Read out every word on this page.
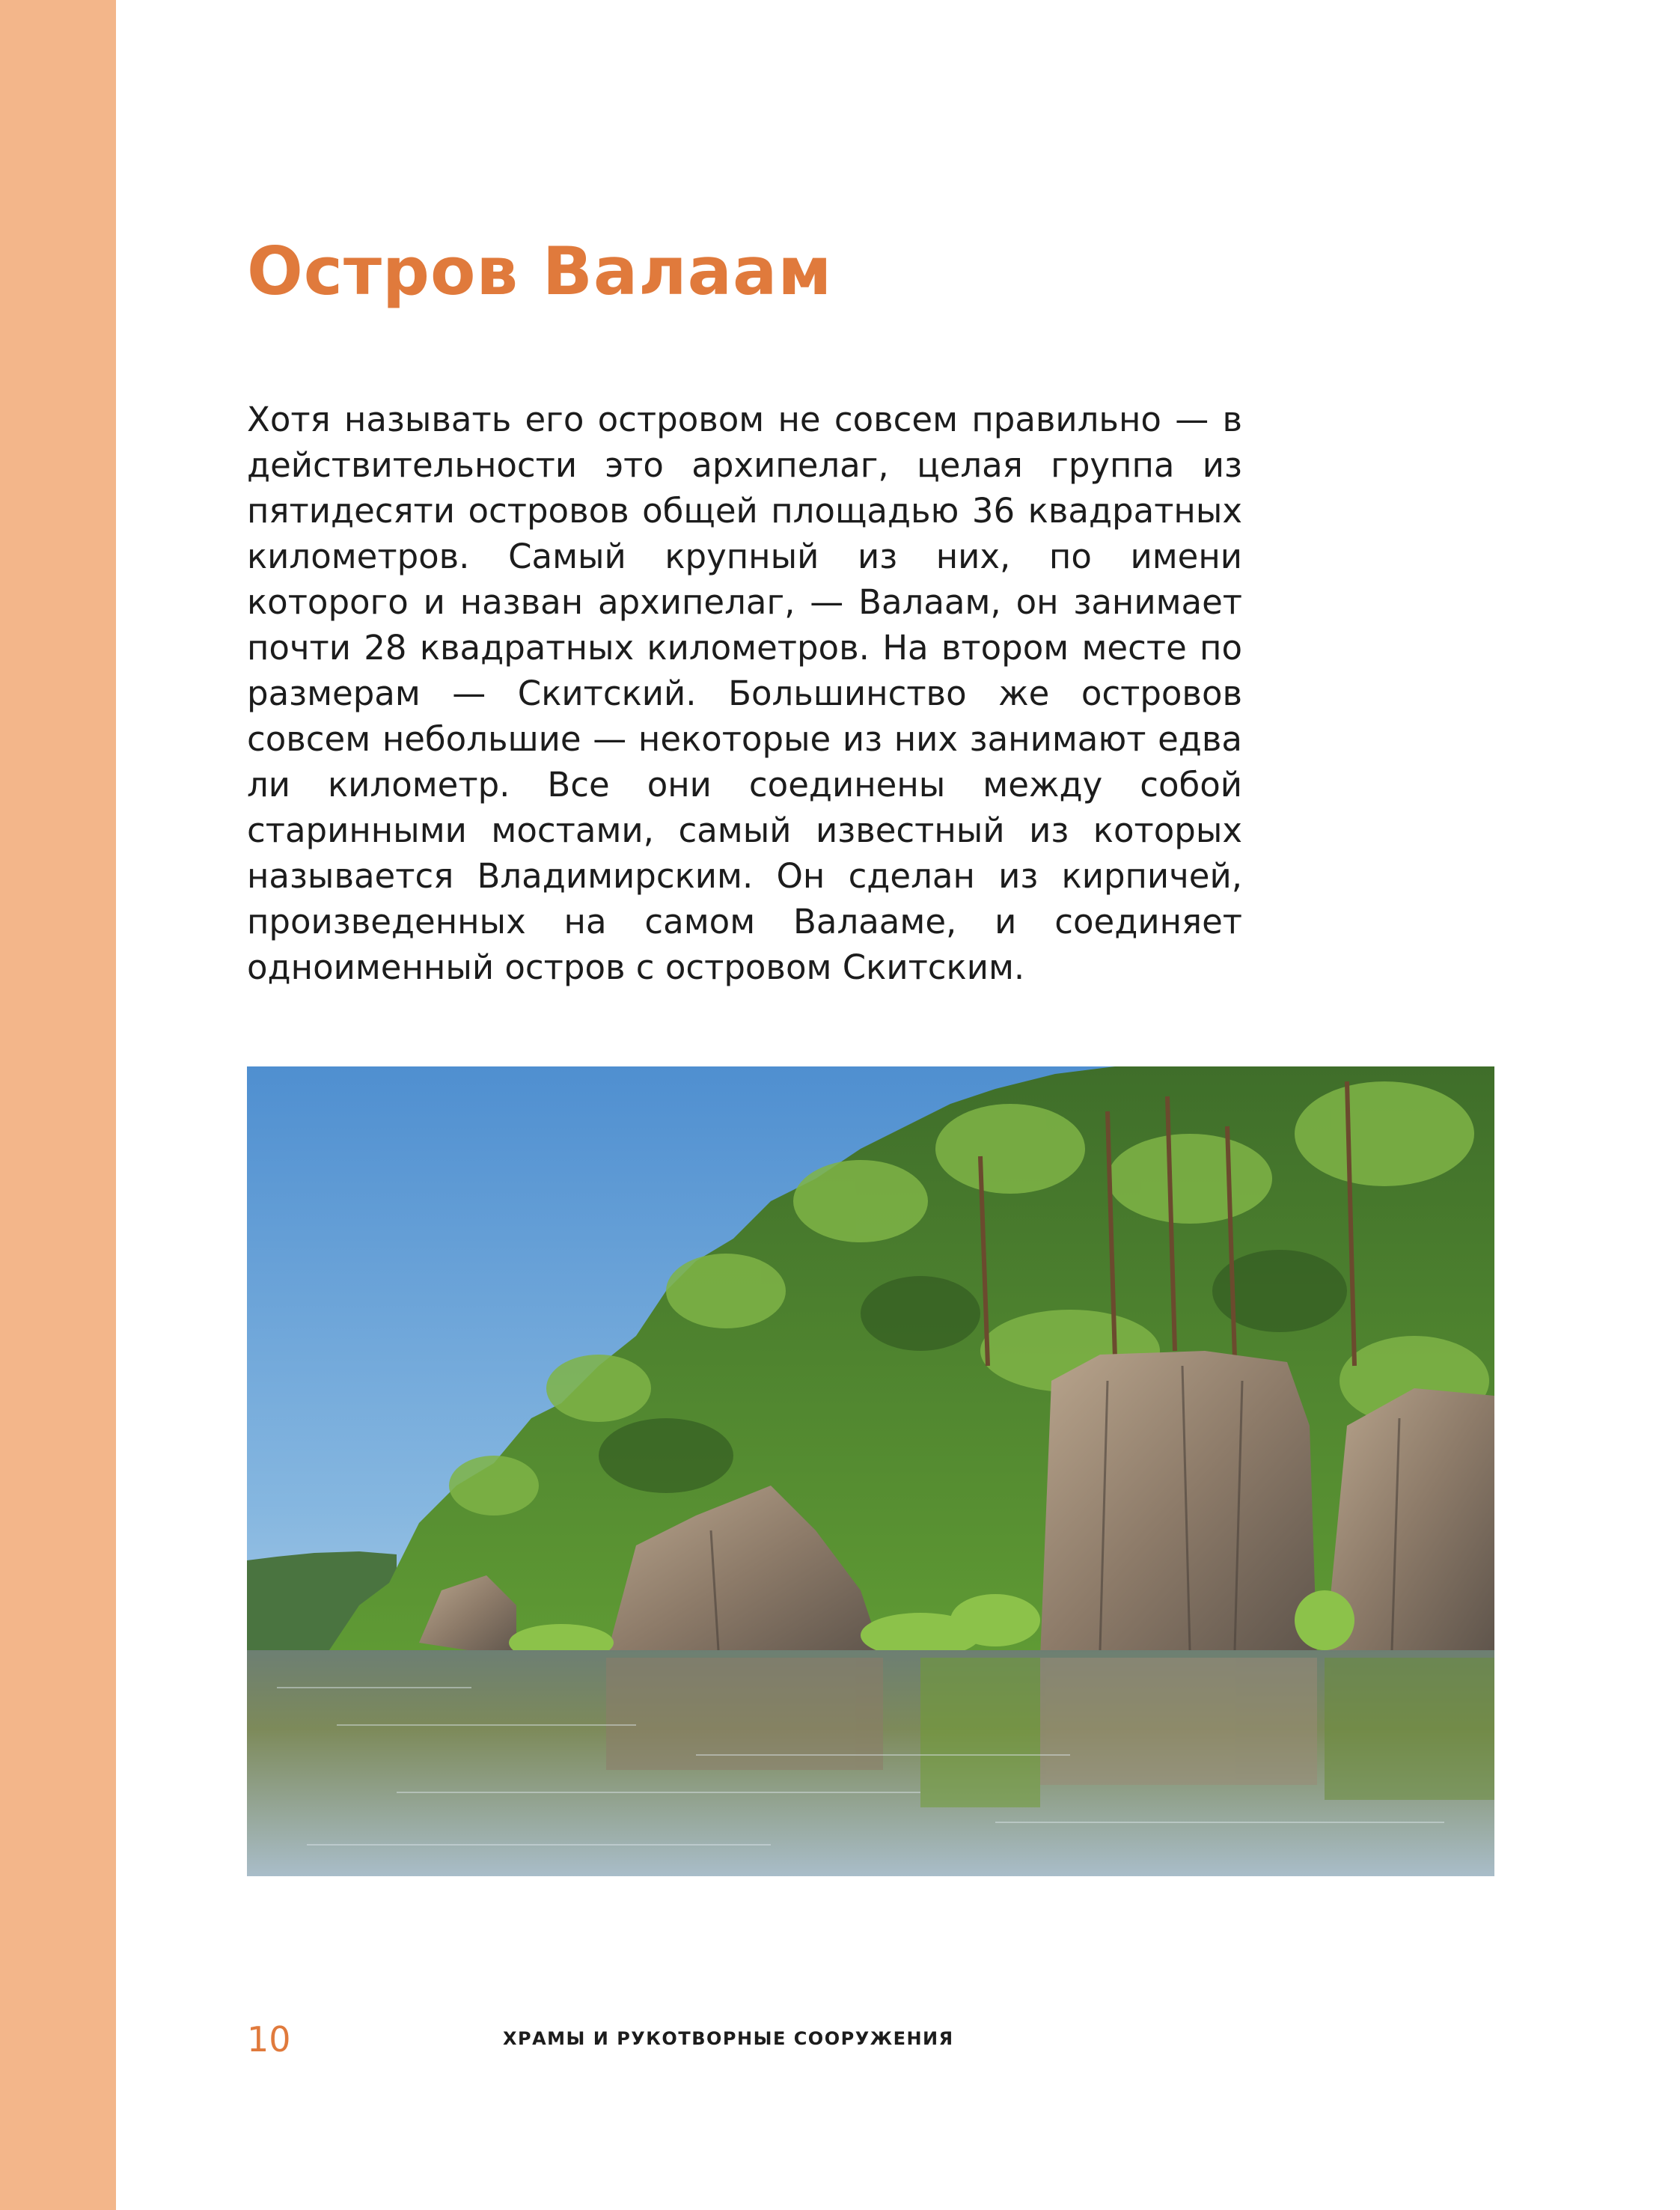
Остров Валаам

Хотя называть его островом не совсем правильно — в действительности это архипелаг, целая группа из пятидесяти островов общей площадью 36 квадратных километров. Самый крупный из них, по имени которого и назван архипелаг, — Валаам, он занимает почти 28 квадратных километров. На втором месте по размерам — Скитский. Большинство же островов совсем небольшие — некоторые из них занимают едва ли километр. Все они соединены между собой старинными мостами, самый известный из которых называется Владимирским. Он сделан из кирпичей, произведенных на самом Валааме, и соединяет одноименный остров с островом Скитским.

10	ХРАМЫ И РУКОТВОРНЫЕ СООРУЖЕНИЯ
